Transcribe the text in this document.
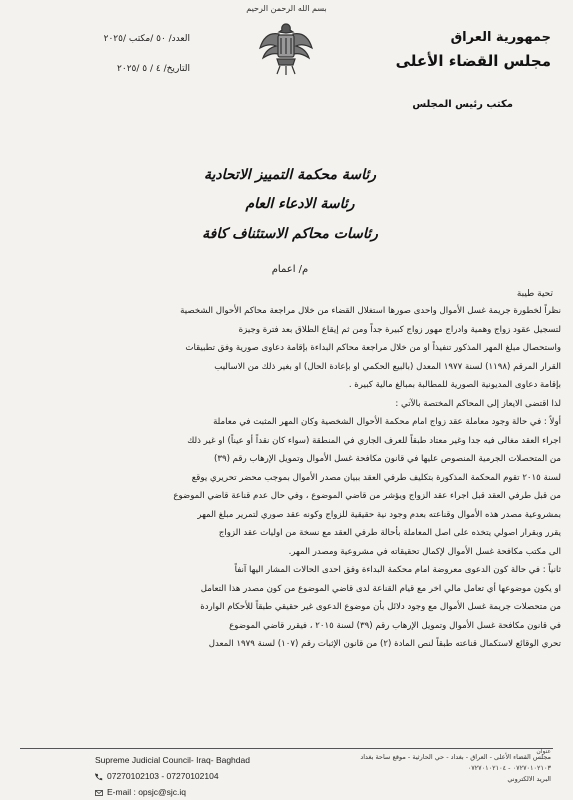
بسم الله الرحمن الرحيم
العدد/ ٥٠ /مكتب /٢٠٢٥
التاريخ/ ٤ / ٥ /٢٠٢٥
جمهورية العراق
مجلس القضاء الأعلى
مكتب رئيس المجلس
رئاسة محكمة التمييز الاتحادية
رئاسة الادعاء العام
رئاسات محاكم الاستئناف كافة
م/ اعمام
تحية طيبة

نظراً لخطورة جريمة غسل الأموال واحدى صورها استغلال القضاء من خلال مراجعة محاكم الأحوال الشخصية

لتسجيل عقود زواج وهمية وادراج مهور زواج كبيرة جداً ومن ثم إيقاع الطلاق بعد فترة وجيزة

واستحصال مبلغ المهر المذكور تنفيذاً او من خلال مراجعة محاكم البداءة بإقامة دعاوى صورية وفق تطبيقات

القرار المرقم (١١٩٨) لسنة ١٩٧٧ المعدل (بالبيع الحكمي او بإعادة الحال) او بغير ذلك من الاساليب

بإقامة دعاوى المديونية الصورية للمطالبة بمبالغ مالية كبيرة .

لذا اقتضى الايعاز إلى المحاكم المختصة بالآتي :

أولاً : في حالة وجود معاملة عقد زواج امام محكمة الأحوال الشخصية وكان المهر المثبت في معاملة

اجراء العقد مغالى فيه جدا وغير معتاد طبقاً للعرف الجاري في المنطقة (سواء كان نقداً أو عيناً) او غير ذلك

من المتحصلات الجرمية المنصوص عليها في قانون مكافحة غسل الأموال وتمويل الإرهاب رقم (٣٩)

لسنة ٢٠١٥ تقوم المحكمة المذكورة بتكليف طرفي العقد ببيان مصدر الأموال بموجب محضر تحريري يوقع

من قبل طرفي العقد قبل اجراء عقد الزواج ويؤشر من قاضي الموضوع ، وفي حال عدم قناعة قاضي الموضوع

بمشروعية مصدر هذه الأموال وقناعته بعدم وجود نية حقيقية للزواج وكونه عقد صوري لتمرير مبلغ المهر

يقرر وبقرار اصولي يتخذه على اصل المعاملة بأحالة طرفي العقد مع نسخة من اوليات عقد الزواج

الى مكتب مكافحة غسل الأموال لإكمال تحقيقاته في مشروعية ومصدر المهر.

ثانياً : في حالة كون الدعوى معروضة امام محكمة البداءة وفق احدى الحالات المشار اليها آنفاً

او يكون موضوعها أي تعامل مالي اخر مع قيام القناعة لدى قاضي الموضوع من كون مصدر هذا التعامل

من متحصلات جريمة غسل الأموال مع وجود دلائل بأن موضوع الدعوى غير حقيقي طبقاً للأحكام الواردة

في قانون مكافحة غسل الأموال وتمويل الإرهاب رقم (٣٩) لسنة ٢٠١٥ ، فيقرر قاضي الموضوع

تحري الوقائع لاستكمال قناعته طبقاً لنص المادة (٢) من قانون الإثبات رقم (١٠٧) لسنة ١٩٧٩ المعدل

Supreme Judicial Council- Iraq- Baghdad
07270102103 - 07270102104
E-mail : opsjc@sjc.iq
عنوان
مجلس القضاء الأعلى - العراق - بغداد - حي الحارثية - موقع ساحة بغداد
٠٧٢٧٠١٠٢١٠٣ - ٠٧٢٧٠١٠٢١٠٤
البريد الالكتروني
